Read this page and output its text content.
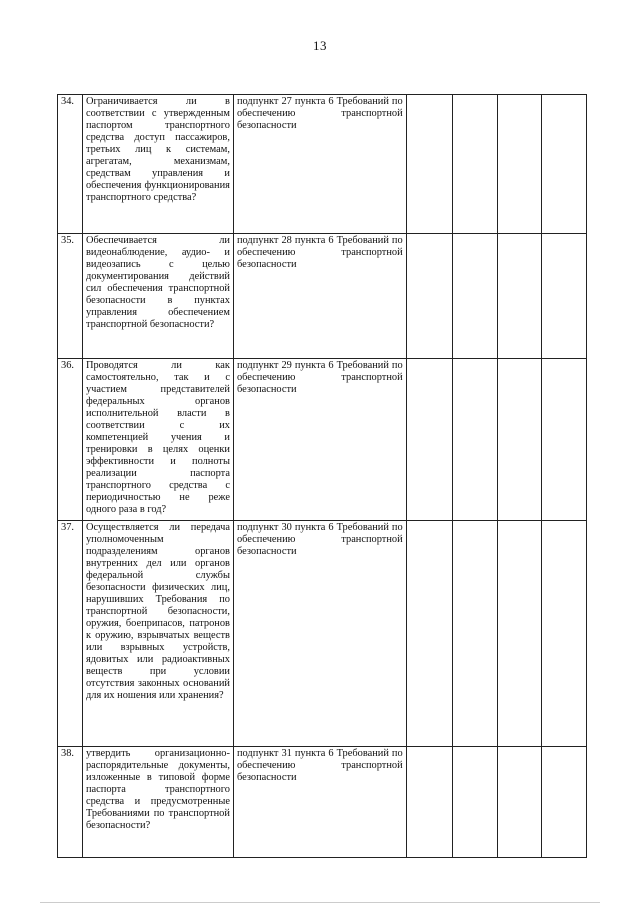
13
34.	Ограничивается ли в соответствии с утвержденным паспортом транспортного средства доступ пассажиров, третьих лиц к системам, агрегатам, механизмам, средствам управления и обеспечения функционирования транспортного средства?	подпункт 27 пункта 6 Требований по обеспечению транспортной безопасности				

35.	Обеспечивается ли видеонаблюдение, аудио- и видеозапись с целью документирования действий сил обеспечения транспортной безопасности в пунктах управления обеспечением транспортной безопасности?	подпункт 28 пункта 6 Требований по обеспечению транспортной безопасности				

36.	Проводятся ли как самостоятельно, так и с участием представителей федеральных органов исполнительной власти в соответствии с их компетенцией учения и тренировки в целях оценки эффективности и полноты реализации паспорта транспортного средства с периодичностью не реже одного раза в год?	подпункт 29 пункта 6 Требований по обеспечению транспортной безопасности				

37.	Осуществляется ли передача уполномоченным подразделениям органов внутренних дел или органов федеральной службы безопасности физических лиц, нарушивших Требования по транспортной безопасности, оружия, боеприпасов, патронов к оружию, взрывчатых веществ или взрывных устройств, ядовитых или радиоактивных веществ при условии отсутствия законных оснований для их ношения или хранения?	подпункт 30 пункта 6 Требований по обеспечению транспортной безопасности				

38.	утвердить организационно-распорядительные документы, изложенные в типовой форме паспорта транспортного средства и предусмотренные Требованиями по транспортной безопасности?	подпункт 31 пункта 6 Требований по обеспечению транспортной безопасности				
